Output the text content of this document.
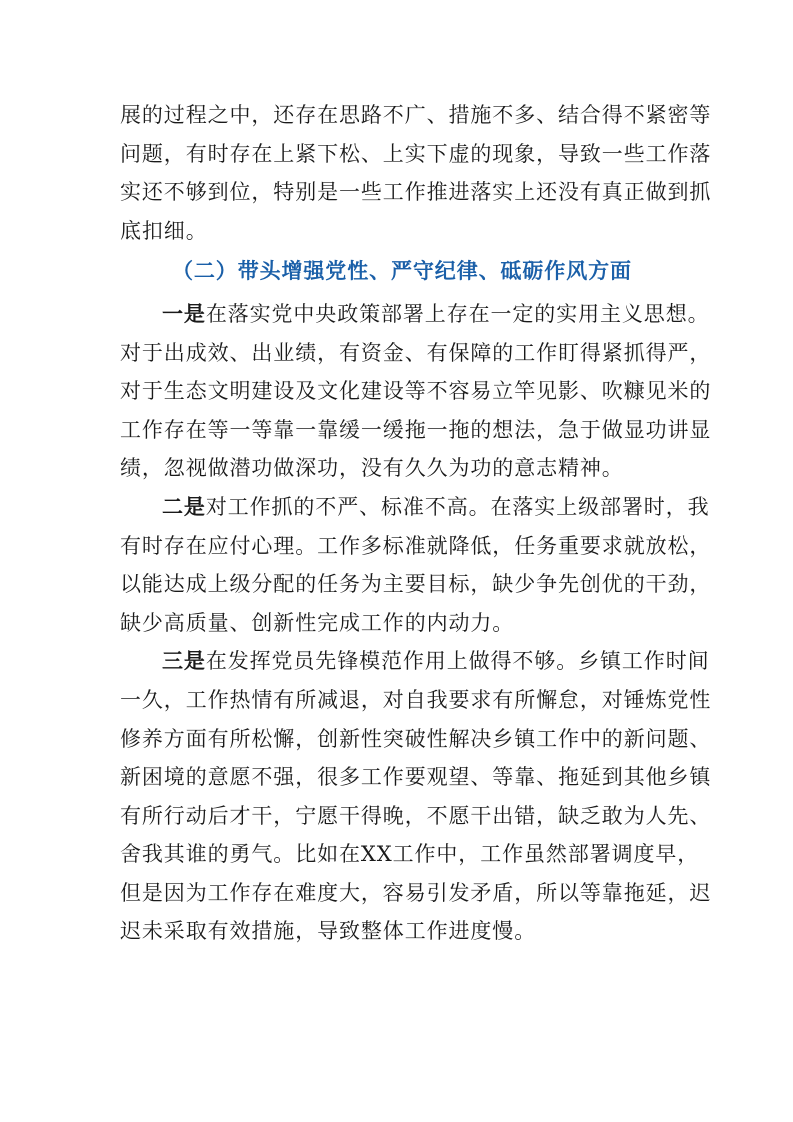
展的过程之中，还存在思路不广、措施不多、结合得不紧密等
问题，有时存在上紧下松、上实下虚的现象，导致一些工作落
实还不够到位，特别是一些工作推进落实上还没有真正做到抓
底扣细。

（二）带头增强党性、严守纪律、砥砺作风方面

一是在落实党中央政策部署上存在一定的实用主义思想。
对于出成效、出业绩，有资金、有保障的工作盯得紧抓得严，
对于生态文明建设及文化建设等不容易立竿见影、吹糠见米的
工作存在等一等靠一靠缓一缓拖一拖的想法，急于做显功讲显
绩，忽视做潜功做深功，没有久久为功的意志精神。

二是对工作抓的不严、标准不高。在落实上级部署时，我
有时存在应付心理。工作多标准就降低，任务重要求就放松，
以能达成上级分配的任务为主要目标，缺少争先创优的干劲，
缺少高质量、创新性完成工作的内动力。

三是在发挥党员先锋模范作用上做得不够。乡镇工作时间
一久，工作热情有所减退，对自我要求有所懈怠，对锤炼党性
修养方面有所松懈，创新性突破性解决乡镇工作中的新问题、
新困境的意愿不强，很多工作要观望、等靠、拖延到其他乡镇
有所行动后才干，宁愿干得晚，不愿干出错，缺乏敢为人先、
舍我其谁的勇气。比如在XX工作中，工作虽然部署调度早，
但是因为工作存在难度大，容易引发矛盾，所以等靠拖延，迟
迟未采取有效措施，导致整体工作进度慢。
